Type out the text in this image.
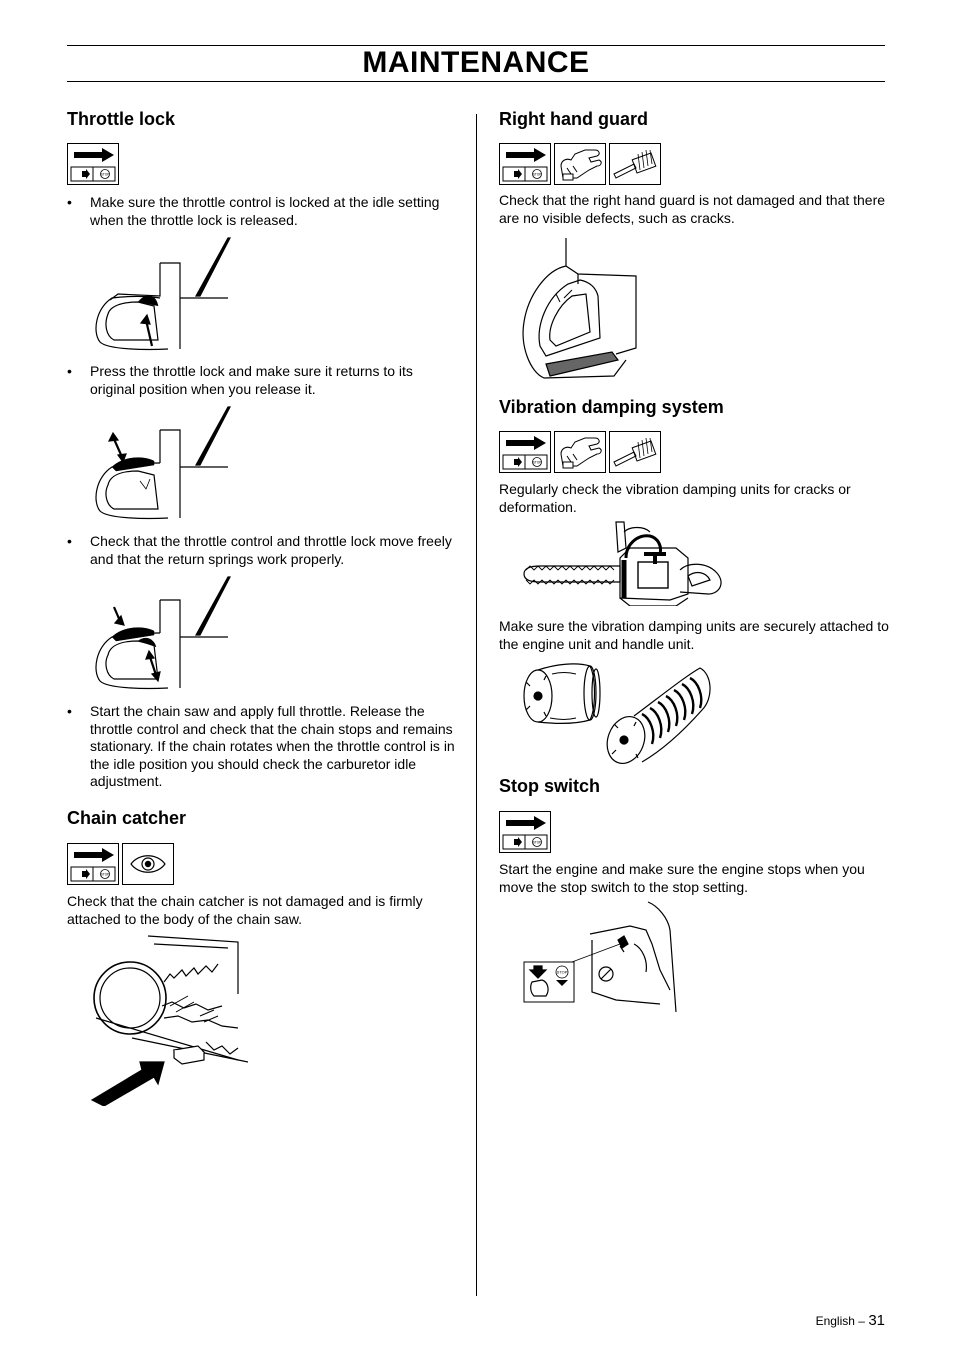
MAINTENANCE
Throttle lock
STOP
• Make sure the throttle control is locked at the idle setting when the throttle lock is released.

• Press the throttle lock and make sure it returns to its original position when you release it.

• Check that the throttle control and throttle lock move freely and that the return springs work properly.

• Start the chain saw and apply full throttle. Release the throttle control and check that the chain stops and remains stationary. If the chain rotates when the throttle control is in the idle position you should check the carburetor idle adjustment.

Chain catcher
STOP

Check that the chain catcher is not damaged and is firmly attached to the body of the chain saw.

Right hand guard
STOP

Check that the right hand guard is not damaged and that there are no visible defects, such as cracks.

Vibration damping system
STOP

Regularly check the vibration damping units for cracks or deformation.

Make sure the vibration damping units are securely attached to the engine unit and handle unit.

Stop switch
STOP

Start the engine and make sure the engine stops when you move the stop switch to the stop setting.

STOP
English – 31
